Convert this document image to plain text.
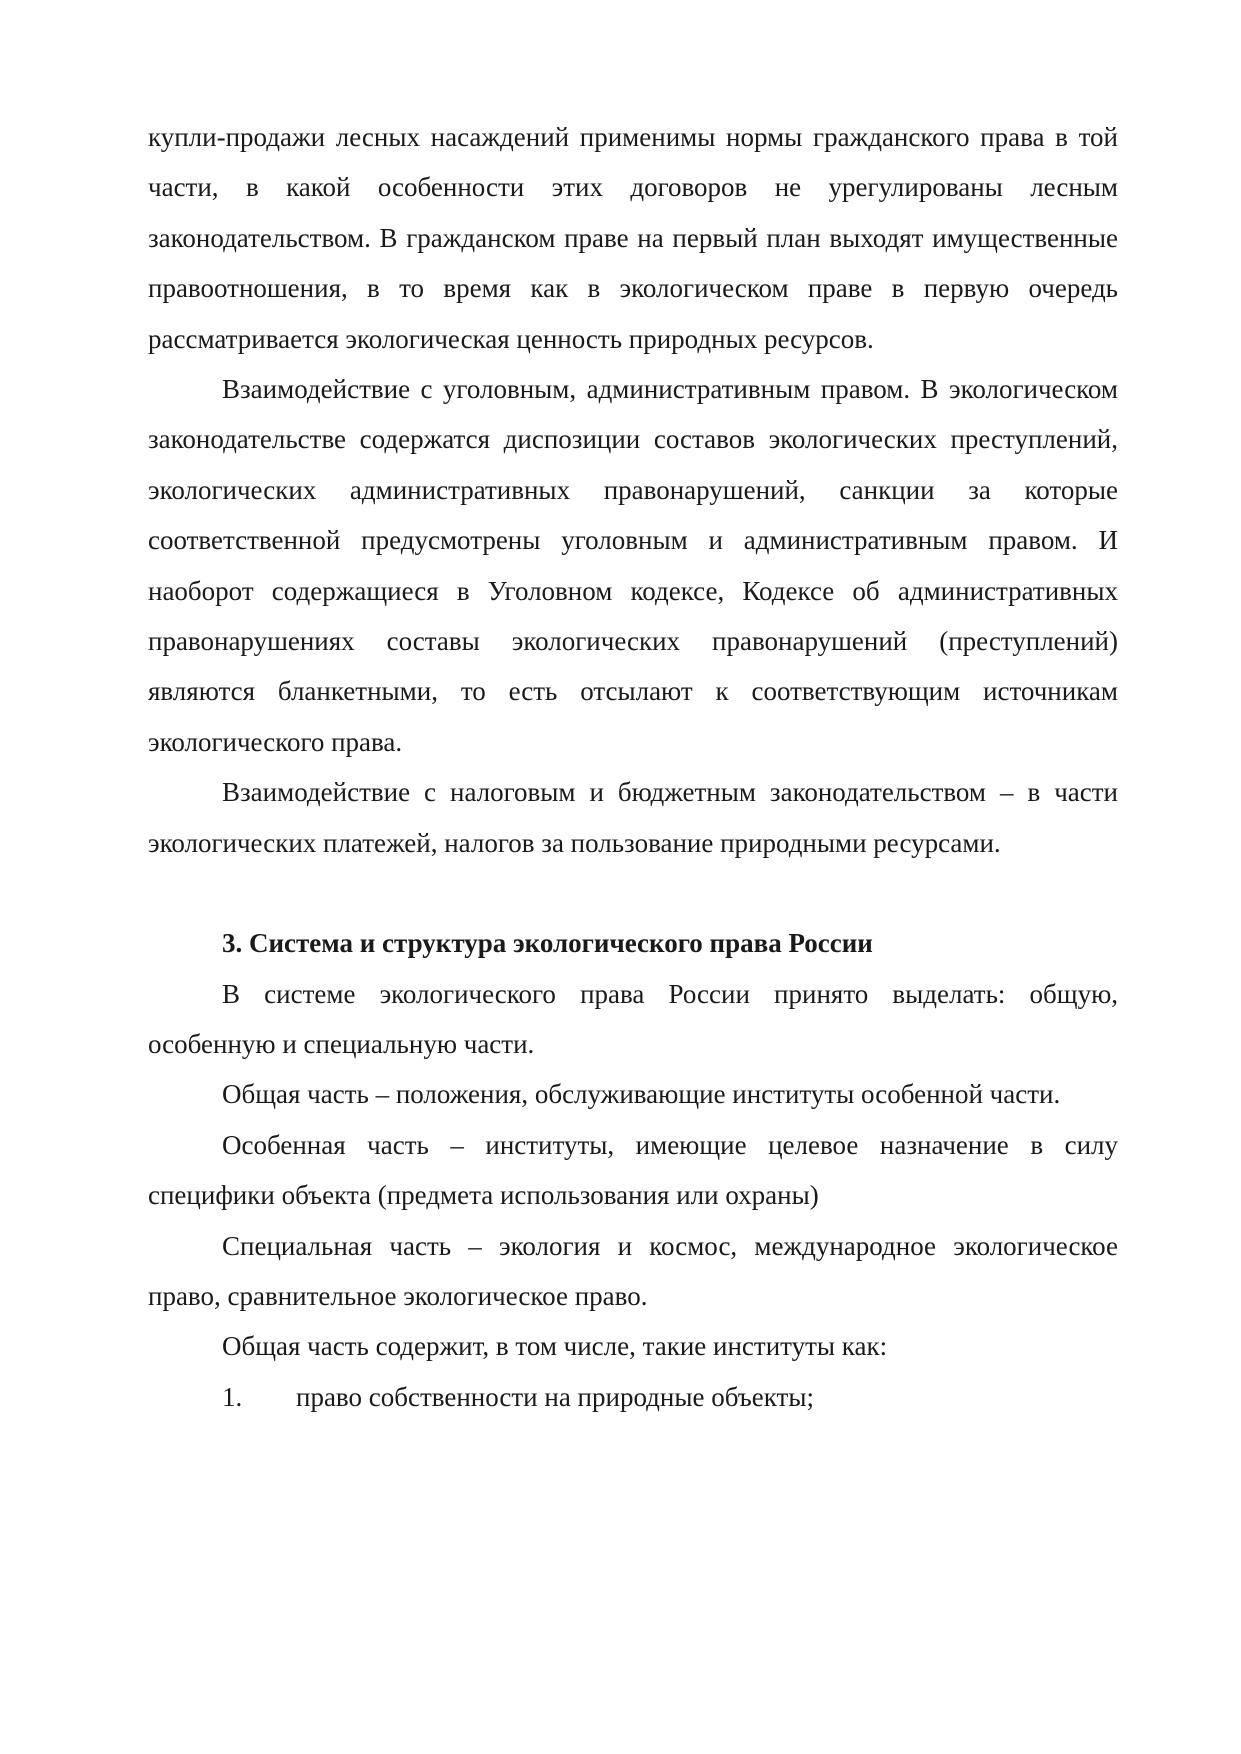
купли-продажи лесных насаждений применимы нормы гражданского права в той части, в какой особенности этих договоров не урегулированы лесным законодательством. В гражданском праве на первый план выходят имущественные правоотношения, в то время как в экологическом праве в первую очередь рассматривается экологическая ценность природных ресурсов.

Взаимодействие с уголовным, административным правом. В экологическом законодательстве содержатся диспозиции составов экологических преступлений, экологических административных правонарушений, санкции за которые соответственной предусмотрены уголовным и административным правом. И наоборот содержащиеся в Уголовном кодексе, Кодексе об административных правонарушениях составы экологических правонарушений (преступлений) являются бланкетными, то есть отсылают к соответствующим источникам экологического права.

Взаимодействие с налоговым и бюджетным законодательством – в части экологических платежей, налогов за пользование природными ресурсами.

3. Система и структура экологического права России

В системе экологического права России принято выделать: общую, особенную и специальную части.

Общая часть – положения, обслуживающие институты особенной части.

Особенная часть – институты, имеющие целевое назначение в силу специфики объекта (предмета использования или охраны)

Специальная часть – экология и космос, международное экологическое право, сравнительное экологическое право.

Общая часть содержит, в том числе, такие институты как:

1. право собственности на природные объекты;
